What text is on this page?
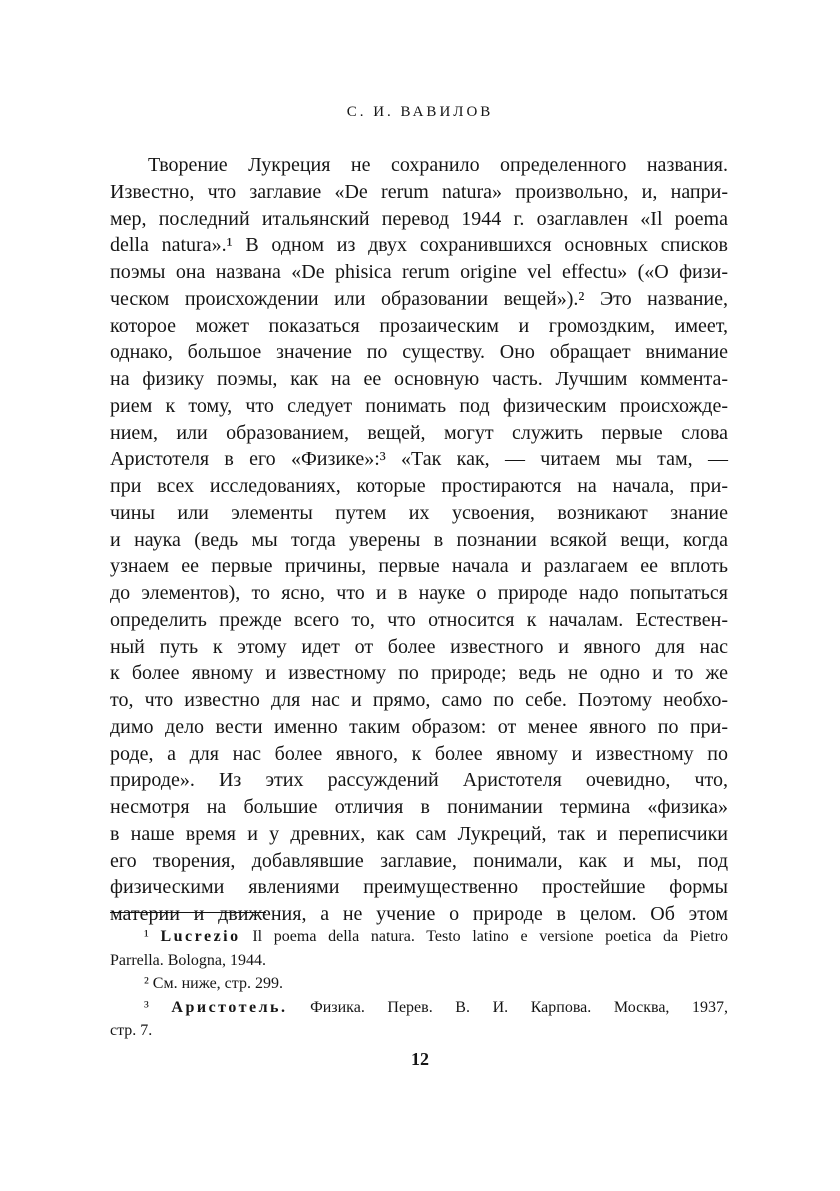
С. И. ВАВИЛОВ
Творение Лукреция не сохранило определенного названия.
Известно, что заглавие «De rerum natura» произвольно, и, напри-
мер, последний итальянский перевод 1944 г. озаглавлен «Il poema
della natura».¹ В одном из двух сохранившихся основных списков
поэмы она названа «De phisica rerum origine vel effectu» («О физи-
ческом происхождении или образовании вещей»).² Это название,
которое может показаться прозаическим и громоздким, имеет,
однако, большое значение по существу. Оно обращает внимание
на физику поэмы, как на ее основную часть. Лучшим коммента-
рием к тому, что следует понимать под физическим происхожде-
нием, или образованием, вещей, могут служить первые слова
Аристотеля в его «Физике»:³ «Так как, — читаем мы там, —
при всех исследованиях, которые простираются на начала, при-
чины или элементы путем их усвоения, возникают знание
и наука (ведь мы тогда уверены в познании всякой вещи, когда
узнаем ее первые причины, первые начала и разлагаем ее вплоть
до элементов), то ясно, что и в науке о природе надо попытаться
определить прежде всего то, что относится к началам. Естествен-
ный путь к этому идет от более известного и явного для нас
к более явному и известному по природе; ведь не одно и то же
то, что известно для нас и прямо, само по себе. Поэтому необхо-
димо дело вести именно таким образом: от менее явного по при-
роде, а для нас более явного, к более явному и известному по
природе». Из этих рассуждений Аристотеля очевидно, что,
несмотря на большие отличия в понимании термина «физика»
в наше время и у древних, как сам Лукреций, так и переписчики
его творения, добавлявшие заглавие, понимали, как и мы, под
физическими явлениями преимущественно простейшие формы
материи и движения, а не учение о природе в целом. Об этом
¹ Lucrezio Il poema della natura. Testo latino e versione poetica da Pietro
Parrella. Bologna, 1944.
² См. ниже, стр. 299.
³ Аристотель. Физика. Перев. В. И. Карпова. Москва, 1937,
стр. 7.
12
